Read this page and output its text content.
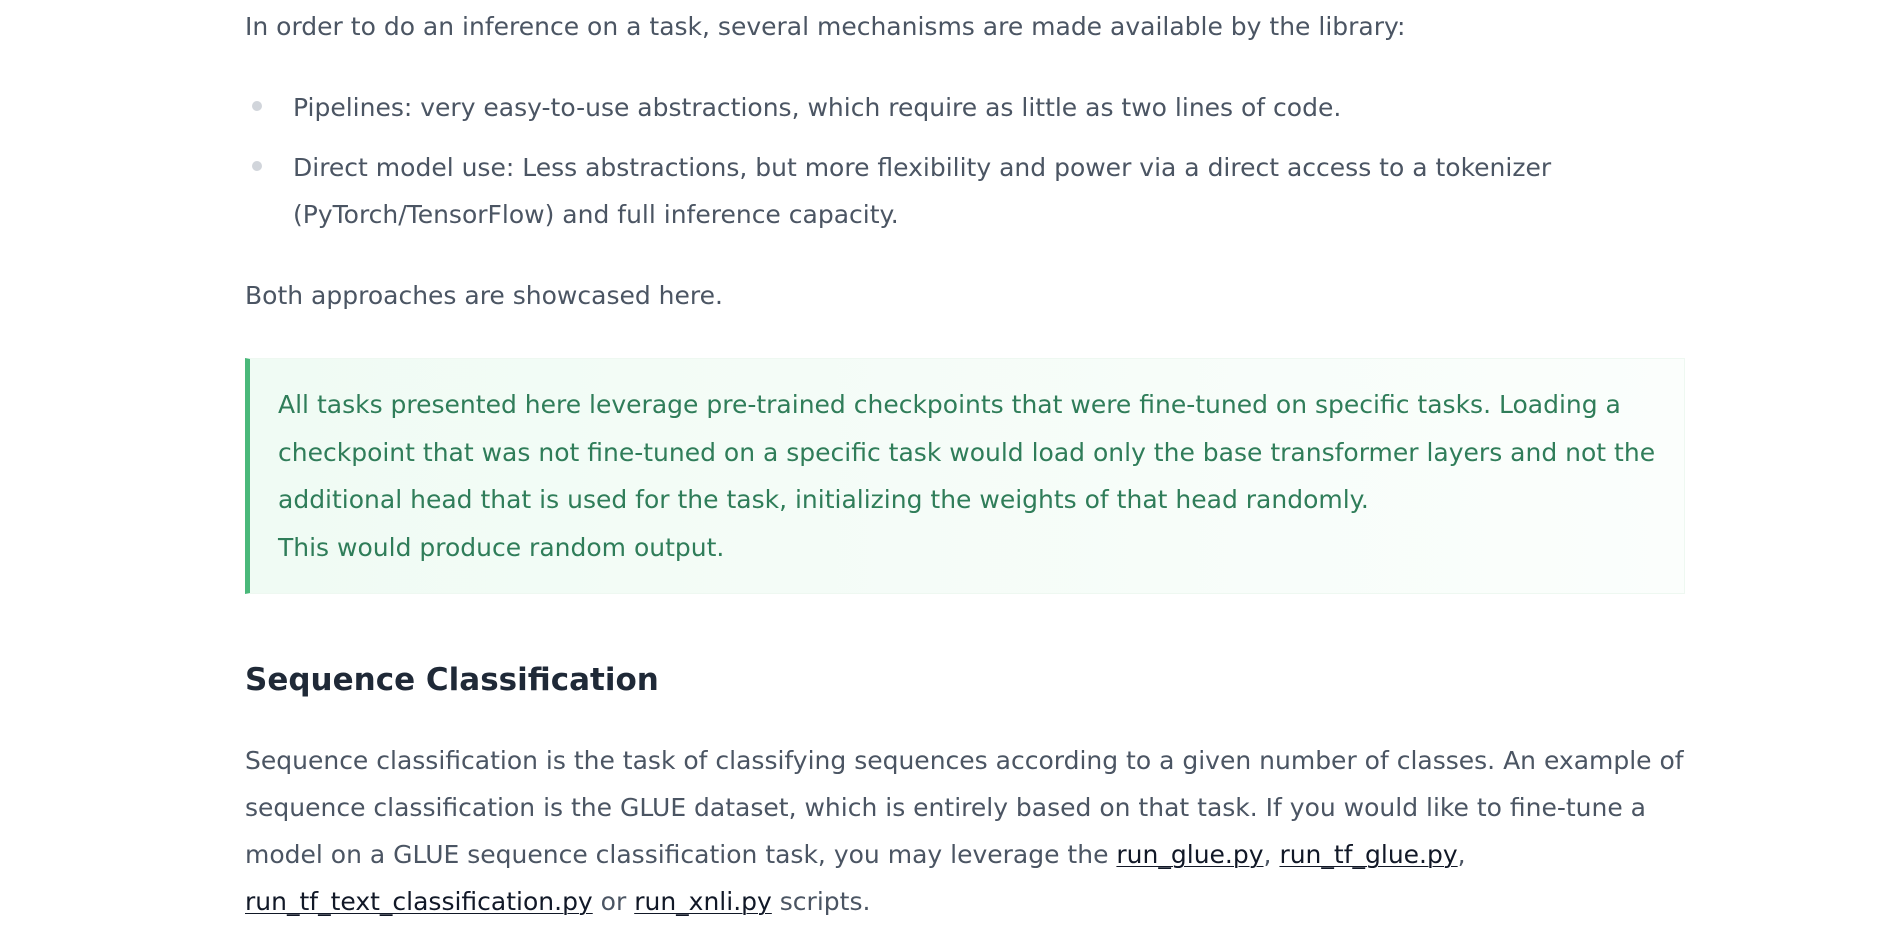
In order to do an inference on a task, several mechanisms are made available by the library:

Pipelines: very easy-to-use abstractions, which require as little as two lines of code.
Direct model use: Less abstractions, but more flexibility and power via a direct access to a tokenizer (PyTorch/TensorFlow) and full inference capacity.

Both approaches are showcased here.

All tasks presented here leverage pre-trained checkpoints that were fine-tuned on specific tasks. Loading a checkpoint that was not fine-tuned on a specific task would load only the base transformer layers and not the additional head that is used for the task, initializing the weights of that head randomly.

This would produce random output.

Sequence Classification

Sequence classification is the task of classifying sequences according to a given number of classes. An example of sequence classification is the GLUE dataset, which is entirely based on that task. If you would like to fine-tune a model on a GLUE sequence classification task, you may leverage the run_glue.py, run_tf_glue.py, run_tf_text_classification.py or run_xnli.py scripts.
